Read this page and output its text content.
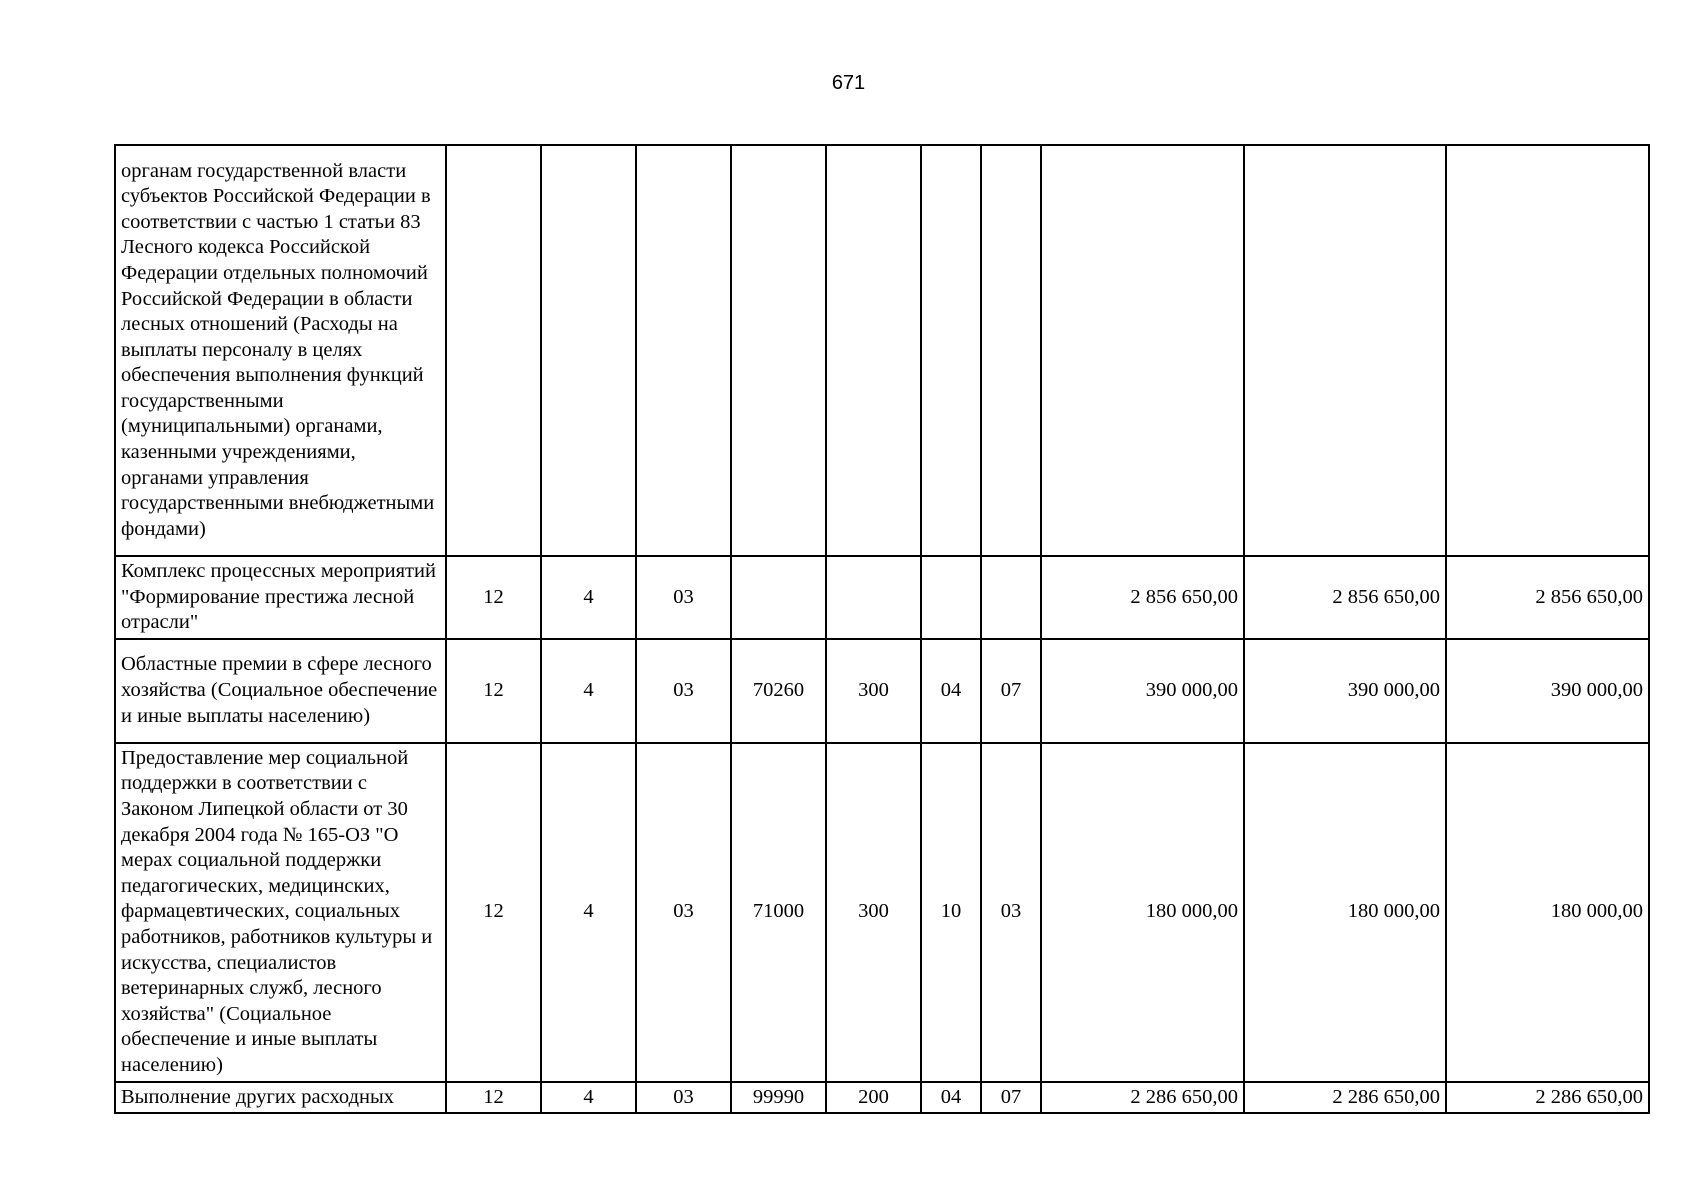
671
органам государственной власти субъектов Российской Федерации в соответствии с частью 1 статьи 83 Лесного кодекса Российской Федерации отдельных полномочий Российской Федерации в области лесных отношений (Расходы на выплаты персоналу в целях обеспечения выполнения функций государственными (муниципальными) органами, казенными учреждениями, органами управления государственными внебюджетными фондами)										
Комплекс процессных мероприятий "Формирование престижа лесной отрасли"	12	4	03					2 856 650,00	2 856 650,00	2 856 650,00
Областные премии в сфере лесного хозяйства (Социальное обеспечение и иные выплаты населению)	12	4	03	70260	300	04	07	390 000,00	390 000,00	390 000,00
Предоставление мер социальной поддержки в соответствии с Законом Липецкой области от 30 декабря 2004 года № 165-ОЗ "О мерах социальной поддержки педагогических, медицинских, фармацевтических, социальных работников, работников культуры и искусства, специалистов ветеринарных служб, лесного хозяйства" (Социальное обеспечение и иные выплаты населению)	12	4	03	71000	300	10	03	180 000,00	180 000,00	180 000,00
Выполнение других расходных	12	4	03	99990	200	04	07	2 286 650,00	2 286 650,00	2 286 650,00
